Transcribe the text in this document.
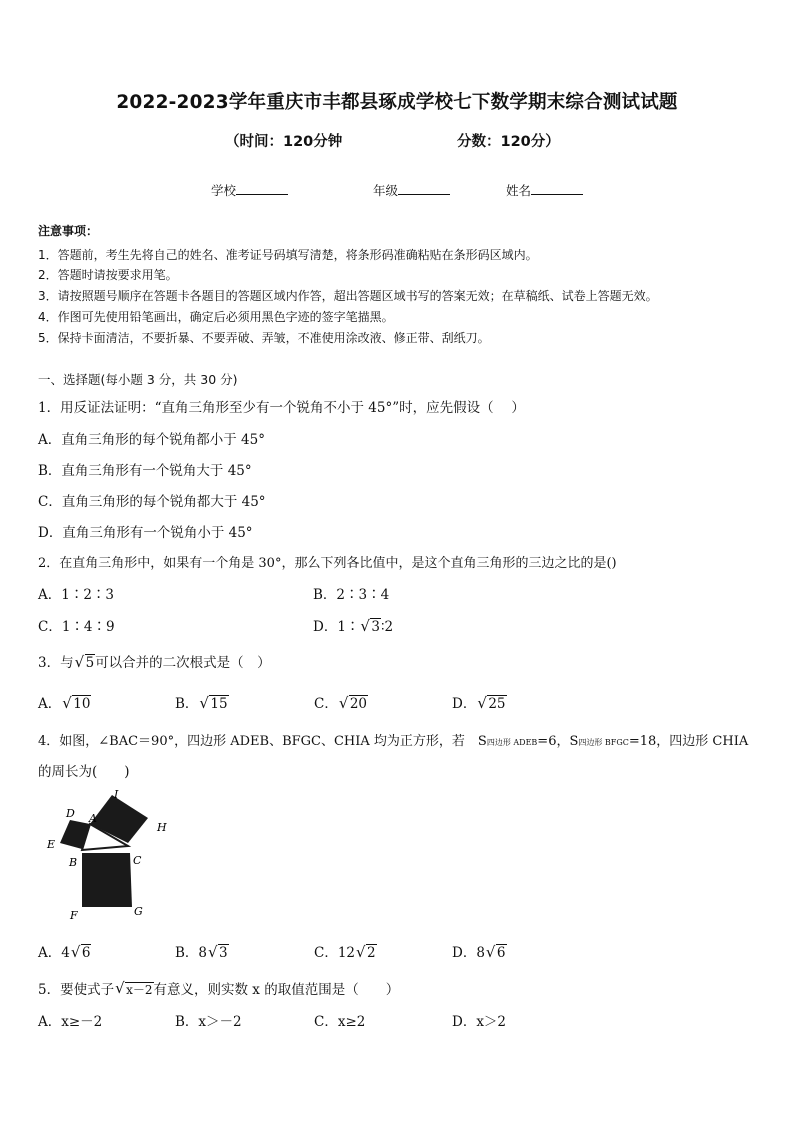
2022-2023学年重庆市丰都县琢成学校七下数学期末综合测试试题
（时间：120分钟	分数：120分）
学校	年级	姓名
注意事项：
1．答题前，考生先将自己的姓名、准考证号码填写清楚，将条形码准确粘贴在条形码区域内。
2．答题时请按要求用笔。
3．请按照题号顺序在答题卡各题目的答题区域内作答，超出答题区域书写的答案无效；在草稿纸、试卷上答题无效。
4．作图可先使用铅笔画出，确定后必须用黑色字迹的签字笔描黑。
5．保持卡面清洁，不要折暴、不要弄破、弄皱，不准使用涂改液、修正带、刮纸刀。
一、选择题(每小题 3 分，共 30 分)
1．用反证法证明：“直角三角形至少有一个锐角不小于 45°”时，应先假设（　 ）
A．直角三角形的每个锐角都小于 45°
B．直角三角形有一个锐角大于 45°
C．直角三角形的每个锐角都大于 45°
D．直角三角形有一个锐角小于 45°
2．在直角三角形中，如果有一个角是 30°，那么下列各比值中，是这个直角三角形的三边之比的是()
A．1∶2∶3	B．2∶3∶4
C．1∶4∶9	D．1∶ √ 3∶2
3．与 √ 5可以合并的二次根式是（　）
A． √ 10	B． √ 15	C． √ 20	D． √ 25
4．如图，∠BAC＝90°，四边形 ADEB、BFGC、CHIA 均为正方形，若　S四边形 ADEB=6，S四边形 BFGC=18，四边形 CHIA
的周长为(　　)
I
D A
H
E
B	C
F	G
A．4 √ 6	B．8 √ 3	C．12 √ 2	D．8 √ 6
5．要使式子 √ x－2有意义，则实数 x 的取值范围是（　　）
A．x≥－2	B．x＞－2	C．x≥2	D．x＞2
